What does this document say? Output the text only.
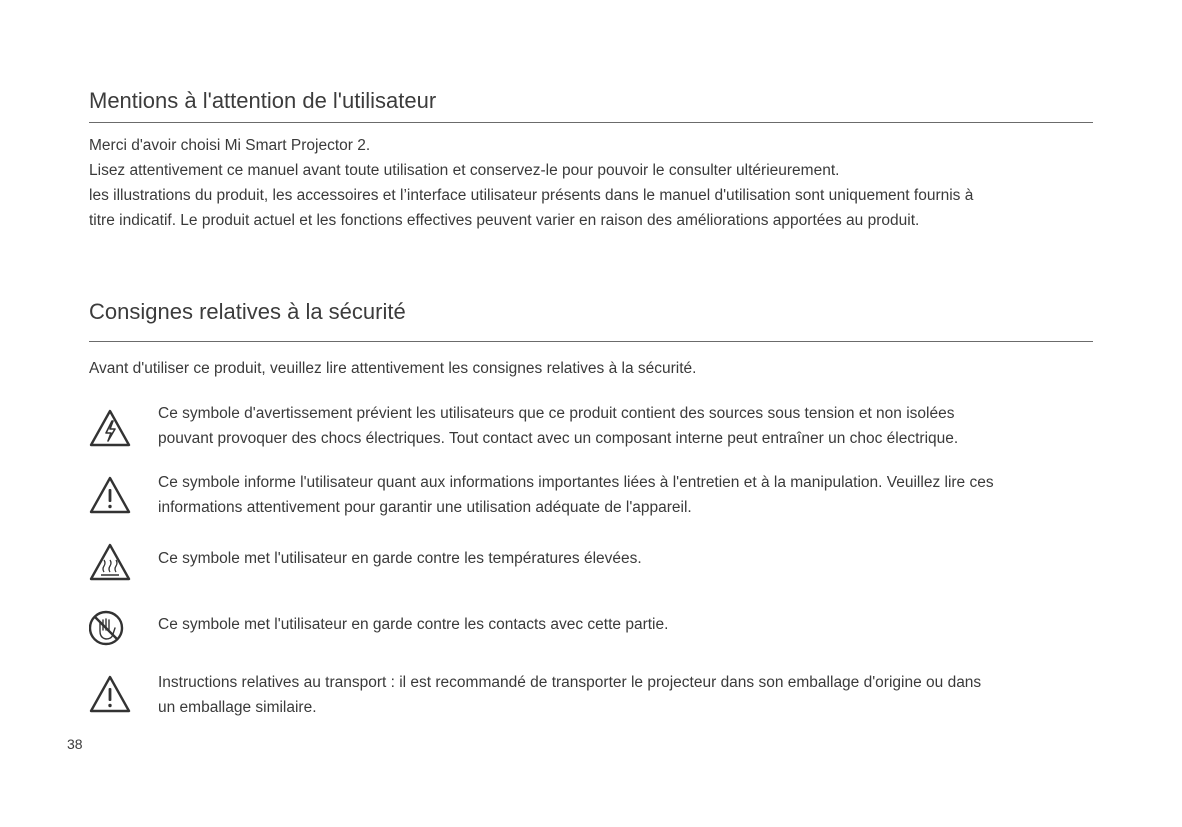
Mentions à l'attention de l'utilisateur
Merci d'avoir choisi Mi Smart Projector 2.
Lisez attentivement ce manuel avant toute utilisation et conservez-le pour pouvoir le consulter ultérieurement.
les illustrations du produit, les accessoires et l’interface utilisateur présents dans le manuel d'utilisation sont uniquement fournis à
titre indicatif. Le produit actuel et les fonctions effectives peuvent varier en raison des améliorations apportées au produit.
Consignes relatives à la sécurité

Avant d'utiliser ce produit, veuillez lire attentivement les consignes relatives à la sécurité.

Ce symbole d'avertissement prévient les utilisateurs que ce produit contient des sources sous tension et non isolées
pouvant provoquer des chocs électriques. Tout contact avec un composant interne peut entraîner un choc électrique.
Ce symbole informe l'utilisateur quant aux informations importantes liées à l'entretien et à la manipulation. Veuillez lire ces
informations attentivement pour garantir une utilisation adéquate de l'appareil.
Ce symbole met l'utilisateur en garde contre les températures élevées.
Ce symbole met l'utilisateur en garde contre les contacts avec cette partie.
Instructions relatives au transport : il est recommandé de transporter le projecteur dans son emballage d'origine ou dans
un emballage similaire.
38
